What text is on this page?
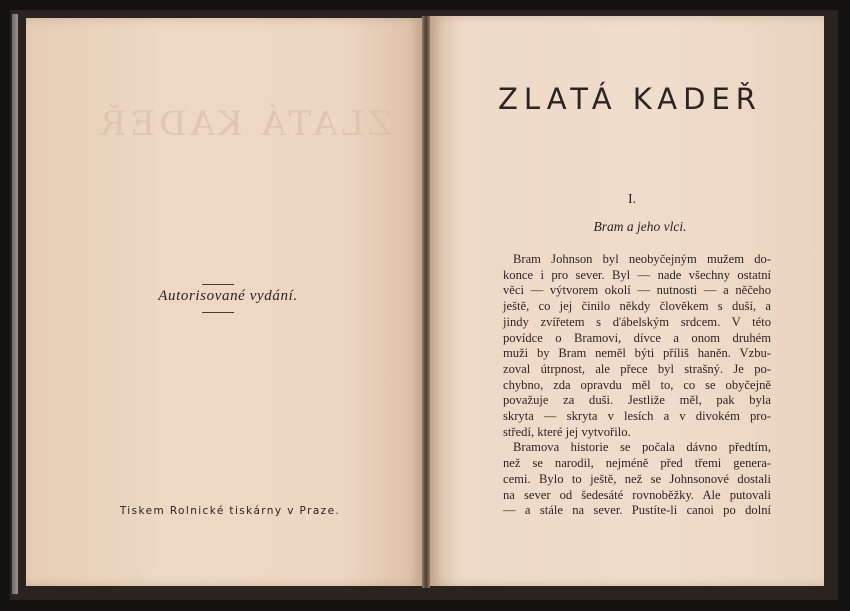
ZLATÁ KADEŘ
Autorisované vydání.
Tiskem Rolnické tiskárny v Praze.
ZLATÁ KADEŘ
I.
Bram a jeho vlci.
Bram Johnson byl neobyčejným mužem do-
konce i pro sever. Byl — nade všechny ostatní
věci — výtvorem okolí — nutnosti — a něčeho
ještě, co jej činilo někdy člověkem s duší, a
jindy zvířetem s ďábelským srdcem. V této
povídce o Bramovi, dívce a onom druhém
muži by Bram neměl býti příliš haněn. Vzbu-
zoval útrpnost, ale přece byl strašný. Je po-
chybno, zda opravdu měl to, co se obyčejně
považuje za duši. Jestliže měl, pak byla
skryta — skryta v lesích a v divokém pro-
středí, které jej vytvořilo.
Bramova historie se počala dávno předtím,
než se narodil, nejméně před třemi genera-
cemi. Bylo to ještě, než se Johnsonové dostali
na sever od šedesáté rovnoběžky. Ale putovali
— a stále na sever. Pustíte-li canoi po dolní
